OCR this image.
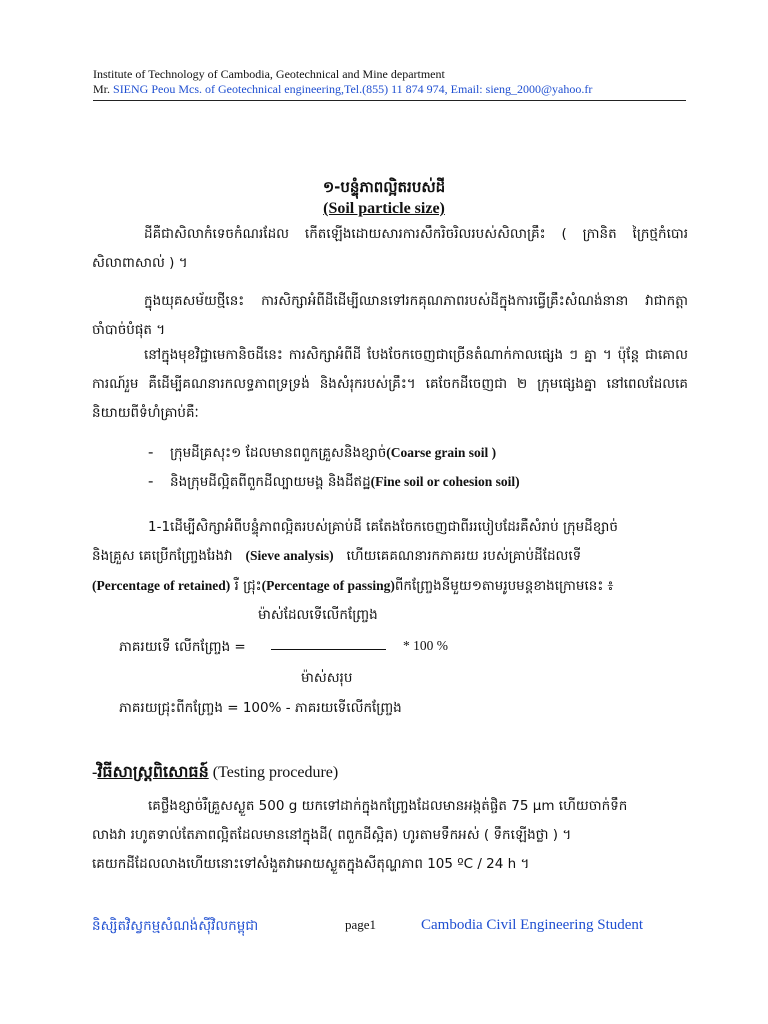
Institute of Technology of Cambodia, Geotechnical and Mine department
Mr. SIENG Peou Mcs. of Geotechnical engineering,Tel.(855) 11 874 974, Email: sieng_2000@yahoo.fr
១-បន្ទុំភាពល្អិតរបស់ដី
(Soil particle size)
ដីគឺជាសិលាកំទេចកំណរដែល កើតឡើងដោយសារការសឹករិចរិលរបស់សិលាគ្រឹះ ( ក្រានិត ក្រៃថ្មកំបោរ សិលាពាសាល់ ) ។
ក្នុងយុគសម័យថ្មីនេះ ការសិក្សាអំពីដីដើម្បីឈានទៅរកគុណភាពរបស់ដីក្នុងការធ្វើគ្រឹះសំណង់នានា វាជាកត្តាចាំបាច់បំផុត ។
នៅក្នុងមុខវិជ្ជាមេកានិចដីនេះ ការសិក្សាអំពីដី បែងចែកចេញជាច្រើនតំណាក់កាលផ្សេង ៗ គ្នា ។ ប៉ុន្តែ ជាគោលការណ៍រួម គឺដើម្បីគណនារកលទ្ធភាពទ្រទ្រង់ និងសំរុករបស់គ្រឹះ។ គេចែកដីចេញជា ២ ក្រុមផ្សេងគ្នា នៅពេលដែលគេនិយាយពីទំហំគ្រាប់គឺៈ
- ក្រុមដីគ្រសុះ១ ដែលមានពពួកគ្រួសនិងខ្សាច់(Coarse grain soil )
- និងក្រុមដីល្អិតពីពួកដីល្បាយមង្គ និងដីឥដ្ឋ(Fine soil or cohesion soil)
1-1ដើម្បីសិក្សាអំពីបន្ទុំភាពល្អិតរបស់គ្រាប់ដី គេតែងចែកចេញជាពីររបៀបដែរគឺសំរាប់ ក្រុមដីខ្សាច់
និងគ្រួស គេប្រើកញ្ច្រែងរែងវា (Sieve analysis) ហើយគេគណនារកភាគរយ របស់គ្រាប់ដីដែលទើ
(Percentage of retained) រឺ ជ្រុះ(Percentage of passing)ពីកញ្ច្រែងនីមួយ១តាមរូបមន្តខាងក្រោមនេះ ៖
ម៉ាស់ដែលទើលើកញ្ច្រែង
ភាគរយទើ លើកញ្ច្រែង =	* 100 %
ម៉ាស់សរុប
ភាគរយជ្រុះពីកញ្ច្រែង = 100% - ភាគរយទើលើកញ្ច្រែង
-វិធីសាស្ត្រពិសោធន៍ (Testing procedure)
គេថ្លឹងខ្សាច់រឺគ្រួសស្ងួត 500 g យកទៅដាក់ក្នុងកញ្ច្រែងដែលមានអង្កត់ផ្ចិត 75 µm ហើយចាក់ទឹក
លាងវា រហូតទាល់តែភាពល្អិតដែលមាននៅក្នុងដី( ពពួកដីស្អិត) ហូរតាមទឹកអស់ ( ទឹកឡើងថ្លា ) ។
គេយកដីដែលលាងហើយនោះទៅសំងួតវាអោយស្ងួតក្នុងសីតុណ្ហភាព 105 ºC / 24 h ។
និស្សិតវិស្វកម្មសំណង់ស៊ីវិលកម្ពុជា	page1	Cambodia Civil Engineering Student
